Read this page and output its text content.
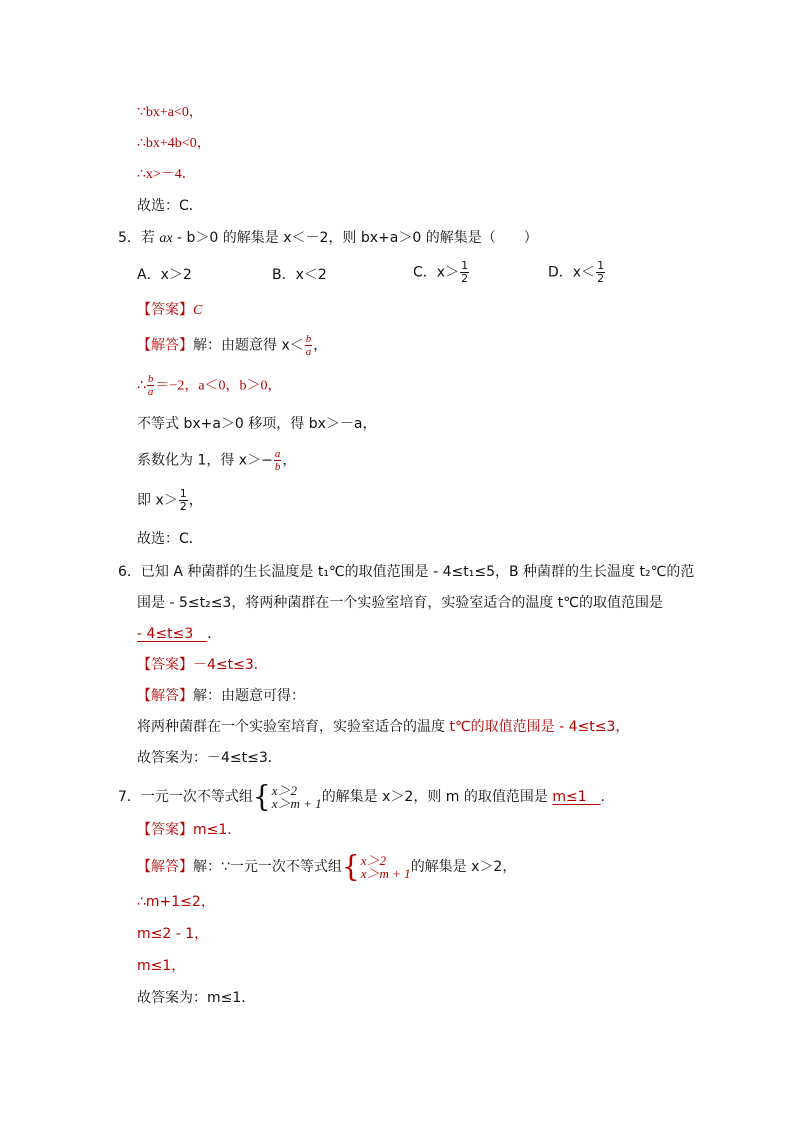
∵bx+a<0，
∴bx+4b<0，
∴x>－4．
故选：C．
5．若 ax - b＞0 的解集是 x＜－2，则 bx+a＞0 的解集是（　　）
A．x＞2	B．x＜2	C．$x> \frac{1}{2}$	D．$x< \frac{1}{2}$
【答案】C
【解答】解：由题意得 $x< \frac{b}{a}$ ，
∴ $\frac{b}{a} =-2$，a＜0，b＞0，
不等式 bx+a＞0 移项，得 bx＞－a，
系数化为 1，得 $x>- \frac{a}{b}$ ，
即 $x> \frac{1}{2}$ ，
故选：C．
6．已知 A 种菌群的生长温度是 t₁℃的取值范围是 - 4≤t₁≤5，B 种菌群的生长温度 t₂℃的范
围是 - 5≤t₂≤3，将两种菌群在一个实验室培育，实验室适合的温度 t℃的取值范围是
- 4≤t≤3　．
【答案】－4≤t≤3．
【解答】解：由题意可得：
将两种菌群在一个实验室培育，实验室适合的温度 t℃的取值范围是 - 4≤t≤3，
故答案为：－4≤t≤3．
7．一元一次不等式组 { x＞2
x＞m + 1 的解集是 x＞2，则 m 的取值范围是 m≤1　．
【答案】m≤1．
【解答】解：∵一元一次不等式组 { x＞2
x＞m + 1 的解集是 x＞2，
∴m+1≤2，
m≤2 - 1，
m≤1，
故答案为：m≤1．
